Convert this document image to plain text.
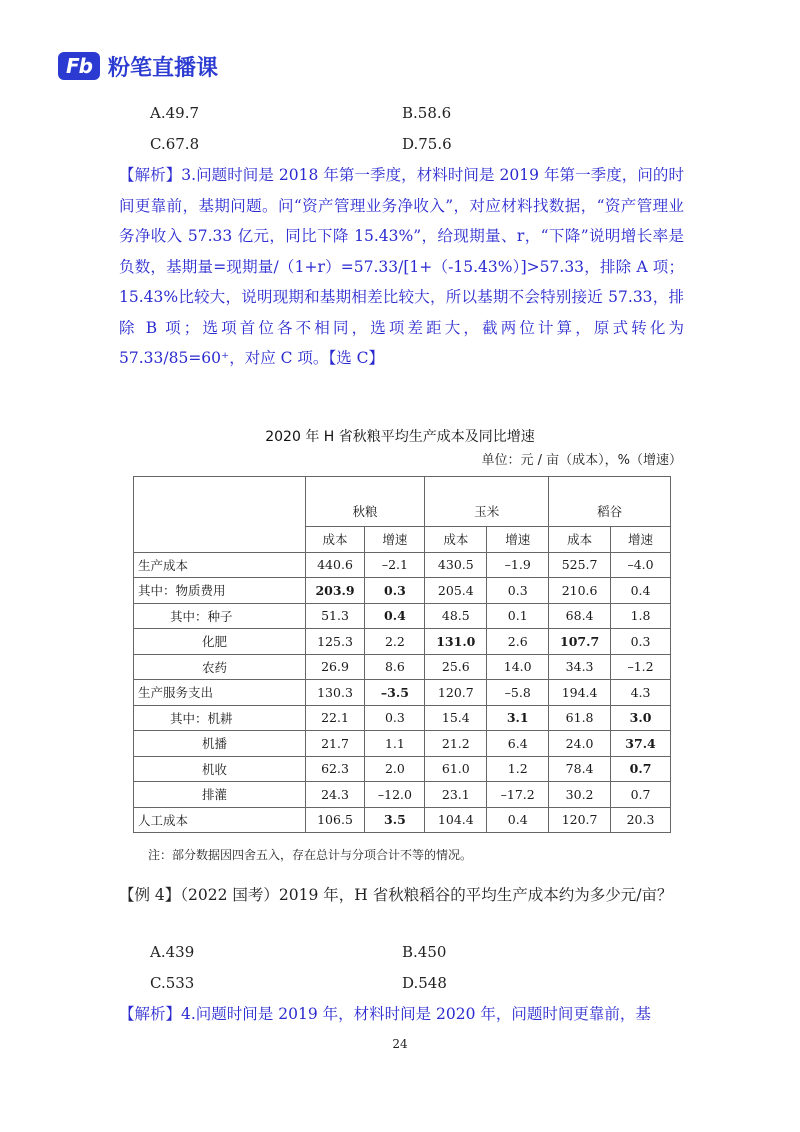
Fb 粉笔直播课
A.49.7	B.58.6
C.67.8	D.75.6
【解析】3.问题时间是 2018 年第一季度，材料时间是 2019 年第一季度，问的时间更靠前，基期问题。问“资产管理业务净收入”，对应材料找数据，“资产管理业务净收入 57.33 亿元，同比下降 15.43%”，给现期量、r，“下降”说明增长率是负数，基期量=现期量/（1+r）=57.33/[1+（-15.43%）]>57.33，排除 A 项；15.43%比较大，说明现期和基期相差比较大，所以基期不会特别接近 57.33，排除 B 项；选项首位各不相同，选项差距大，截两位计算，原式转化为 57.33/85=60⁺，对应 C 项。【选 C】
2020 年 H 省秋粮平均生产成本及同比增速
单位：元 / 亩（成本），%（增速）
	秋粮		玉米		稻谷	
	成本	增速	成本	增速	成本	增速
生产成本	440.6	–2.1	430.5	–1.9	525.7	–4.0
其中：物质费用	203.9	0.3	205.4	0.3	210.6	0.4
其中：种子	51.3	0.4	48.5	0.1	68.4	1.8
化肥	125.3	2.2	131.0	2.6	107.7	0.3
农药	26.9	8.6	25.6	14.0	34.3	–1.2
生产服务支出	130.3	–3.5	120.7	–5.8	194.4	4.3
其中：机耕	22.1	0.3	15.4	3.1	61.8	3.0
机播	21.7	1.1	21.2	6.4	24.0	37.4
机收	62.3	2.0	61.0	1.2	78.4	0.7
排灌	24.3	–12.0	23.1	–17.2	30.2	0.7
人工成本	106.5	3.5	104.4	0.4	120.7	20.3
注：部分数据因四舍五入，存在总计与分项合计不等的情况。
【例 4】（2022 国考）2019 年，H 省秋粮稻谷的平均生产成本约为多少元/亩？
A.439	B.450
C.533	D.548
【解析】4.问题时间是 2019 年，材料时间是 2020 年，问题时间更靠前，基
24
